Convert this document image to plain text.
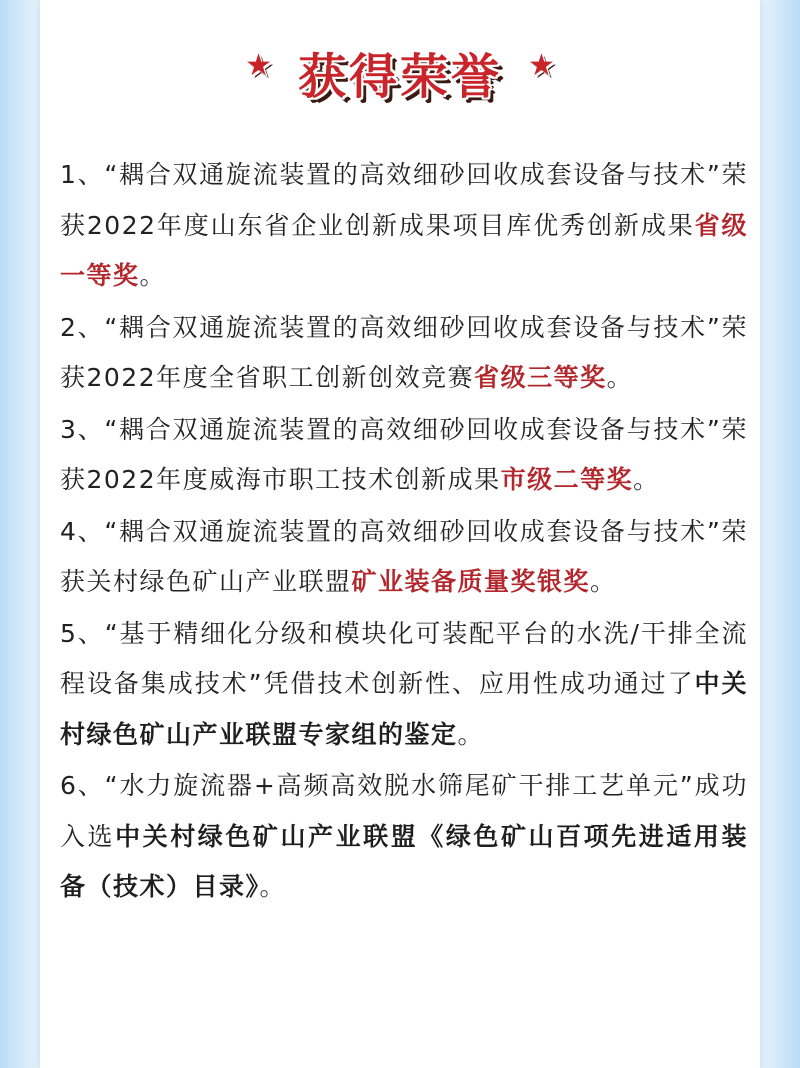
★ 获得荣誉 ★

1、“耦合双通旋流装置的高效细砂回收成套设备与技术”荣获2022年度山东省企业创新成果项目库优秀创新成果省级一等奖。

2、“耦合双通旋流装置的高效细砂回收成套设备与技术”荣获2022年度全省职工创新创效竞赛省级三等奖。

3、“耦合双通旋流装置的高效细砂回收成套设备与技术”荣获2022年度威海市职工技术创新成果市级二等奖。

4、“耦合双通旋流装置的高效细砂回收成套设备与技术”荣获关村绿色矿山产业联盟矿业装备质量奖银奖。

5、“基于精细化分级和模块化可装配平台的水洗/干排全流程设备集成技术”凭借技术创新性、应用性成功通过了中关村绿色矿山产业联盟专家组的鉴定。

6、“水力旋流器+高频高效脱水筛尾矿干排工艺单元”成功入选中关村绿色矿山产业联盟《绿色矿山百项先进适用装备（技术）目录》。
